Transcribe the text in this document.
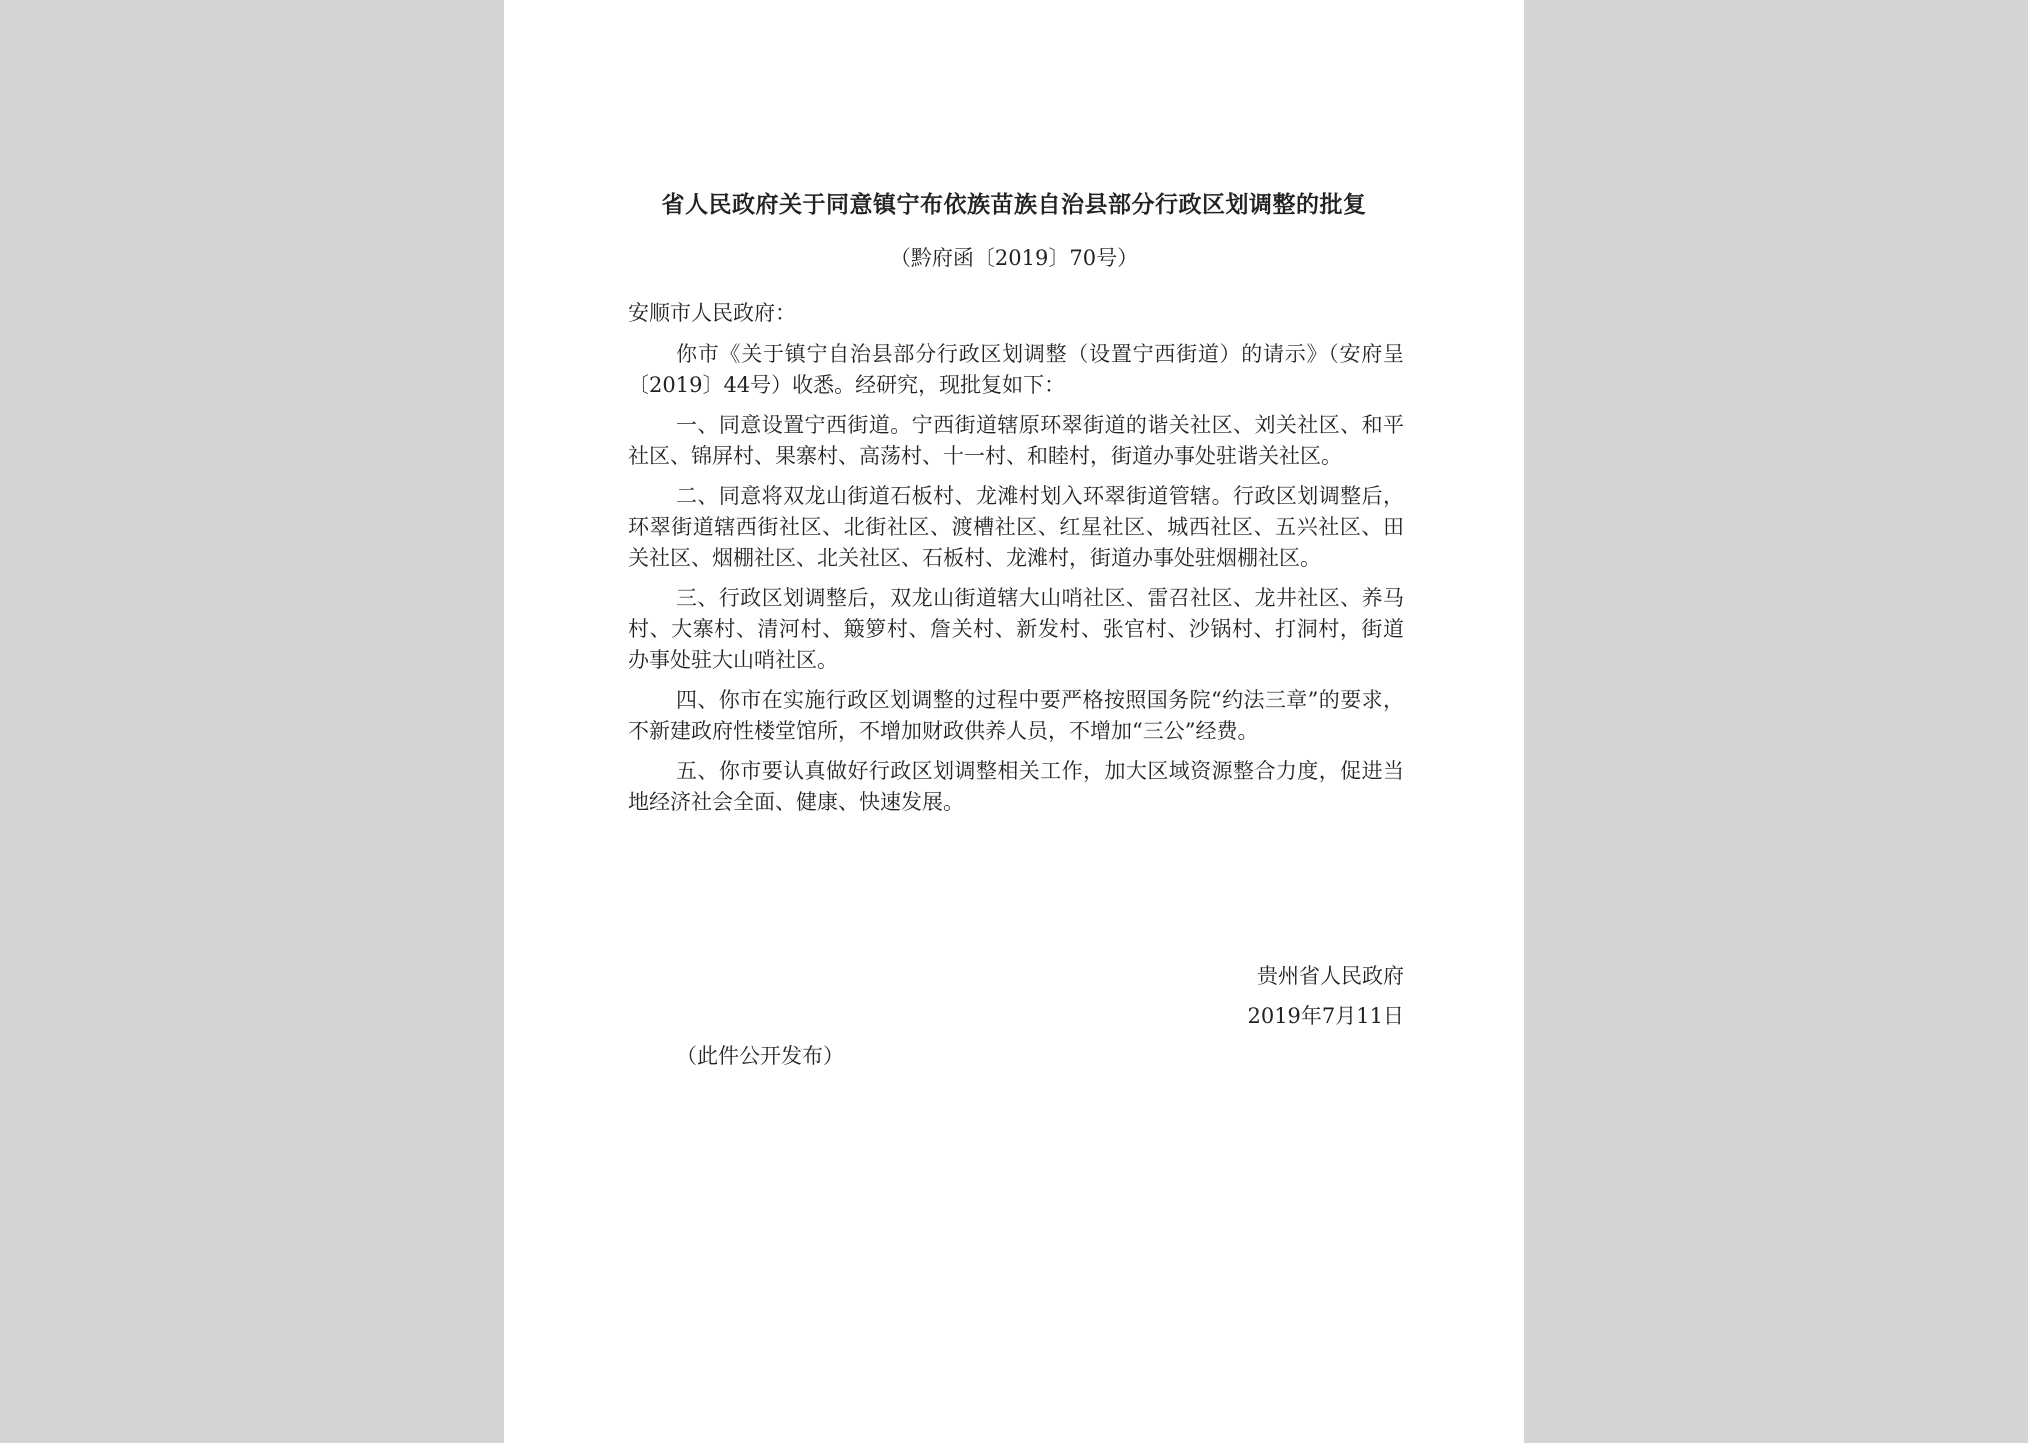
省人民政府关于同意镇宁布依族苗族自治县部分行政区划调整的批复
（黔府函〔2019〕70号）

安顺市人民政府：

你市《关于镇宁自治县部分行政区划调整（设置宁西街道）的请示》（安府呈〔2019〕44号）收悉。经研究，现批复如下：

一、同意设置宁西街道。宁西街道辖原环翠街道的谐关社区、刘关社区、和平社区、锦屏村、果寨村、高荡村、十一村、和睦村，街道办事处驻谐关社区。

二、同意将双龙山街道石板村、龙滩村划入环翠街道管辖。行政区划调整后，环翠街道辖西街社区、北街社区、渡槽社区、红星社区、城西社区、五兴社区、田关社区、烟棚社区、北关社区、石板村、龙滩村，街道办事处驻烟棚社区。

三、行政区划调整后，双龙山街道辖大山哨社区、雷召社区、龙井社区、养马村、大寨村、清河村、簸箩村、詹关村、新发村、张官村、沙锅村、打洞村，街道办事处驻大山哨社区。

四、你市在实施行政区划调整的过程中要严格按照国务院“约法三章”的要求，不新建政府性楼堂馆所，不增加财政供养人员，不增加“三公”经费。

五、你市要认真做好行政区划调整相关工作，加大区域资源整合力度，促进当地经济社会全面、健康、快速发展。

贵州省人民政府
2019年7月11日
（此件公开发布）
